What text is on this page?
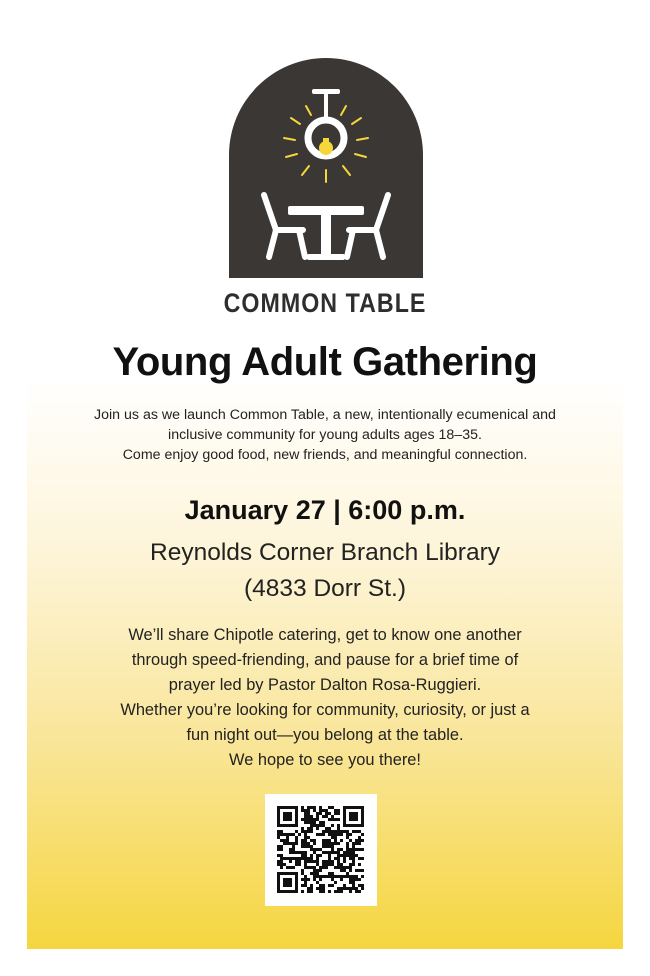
COMMON TABLE
Young Adult Gathering
Join us as we launch Common Table, a new, intentionally ecumenical and
inclusive community for young adults ages 18–35.
Come enjoy good food, new friends, and meaningful connection.
January 27 | 6:00 p.m.
Reynolds Corner Branch Library
(4833 Dorr St.)
We’ll share Chipotle catering, get to know one another
through speed-friending, and pause for a brief time of
prayer led by Pastor Dalton Rosa-Ruggieri.
Whether you’re looking for community, curiosity, or just a
fun night out—you belong at the table.
We hope to see you there!
